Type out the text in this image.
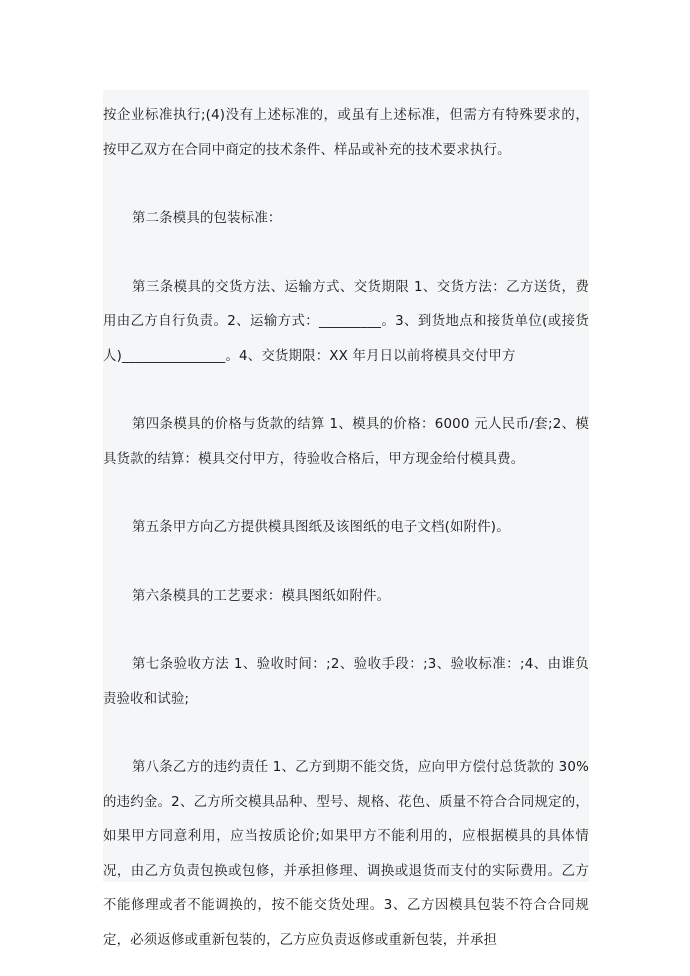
按企业标准执行;(4)没有上述标准的，或虽有上述标准，但需方有特殊要求的，按甲乙双方在合同中商定的技术条件、样品或补充的技术要求执行。

第二条模具的包装标准：

第三条模具的交货方法、运输方式、交货期限 1、交货方法：乙方送货，费用由乙方自行负责。2、运输方式：_________。3、到货地点和接货单位(或接货人)_______________。4、交货期限：XX 年月日以前将模具交付甲方

第四条模具的价格与货款的结算 1、模具的价格：6000 元人民币/套;2、模具货款的结算：模具交付甲方，待验收合格后，甲方现金给付模具费。

第五条甲方向乙方提供模具图纸及该图纸的电子文档(如附件)。

第六条模具的工艺要求：模具图纸如附件。

第七条验收方法 1、验收时间：;2、验收手段：;3、验收标准：;4、由谁负责验收和试验;

第八条乙方的违约责任 1、乙方到期不能交货，应向甲方偿付总货款的 30%的违约金。2、乙方所交模具品种、型号、规格、花色、质量不符合合同规定的，如果甲方同意利用，应当按质论价;如果甲方不能利用的，应根据模具的具体情况，由乙方负责包换或包修，并承担修理、调换或退货而支付的实际费用。乙方不能修理或者不能调换的，按不能交货处理。3、乙方因模具包装不符合合同规定，必须返修或重新包装的，乙方应负责返修或重新包装，并承担
